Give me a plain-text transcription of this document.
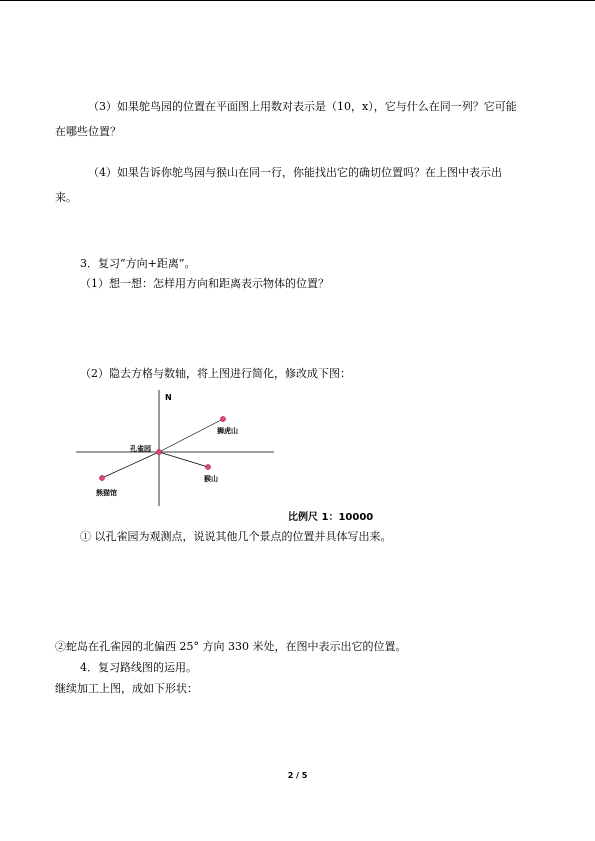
（3）如果鸵鸟园的位置在平面图上用数对表示是（10，x），它与什么在同一列？它可能
在哪些位置？
（4）如果告诉你鸵鸟园与猴山在同一行，你能找出它的确切位置吗？在上图中表示出
来。
3．复习“方向+距离”。
（1）想一想：怎样用方向和距离表示物体的位置？
（2）隐去方格与数轴，将上图进行简化，修改成下图：
N
孔雀园
狮虎山
猴山
熊猫馆
比例尺 1：10000
① 以孔雀园为观测点，说说其他几个景点的位置并具体写出来。
②蛇岛在孔雀园的北偏西 25° 方向 330 米处，在图中表示出它的位置。
4．复习路线图的运用。
继续加工上图，成如下形状：
2 / 5
